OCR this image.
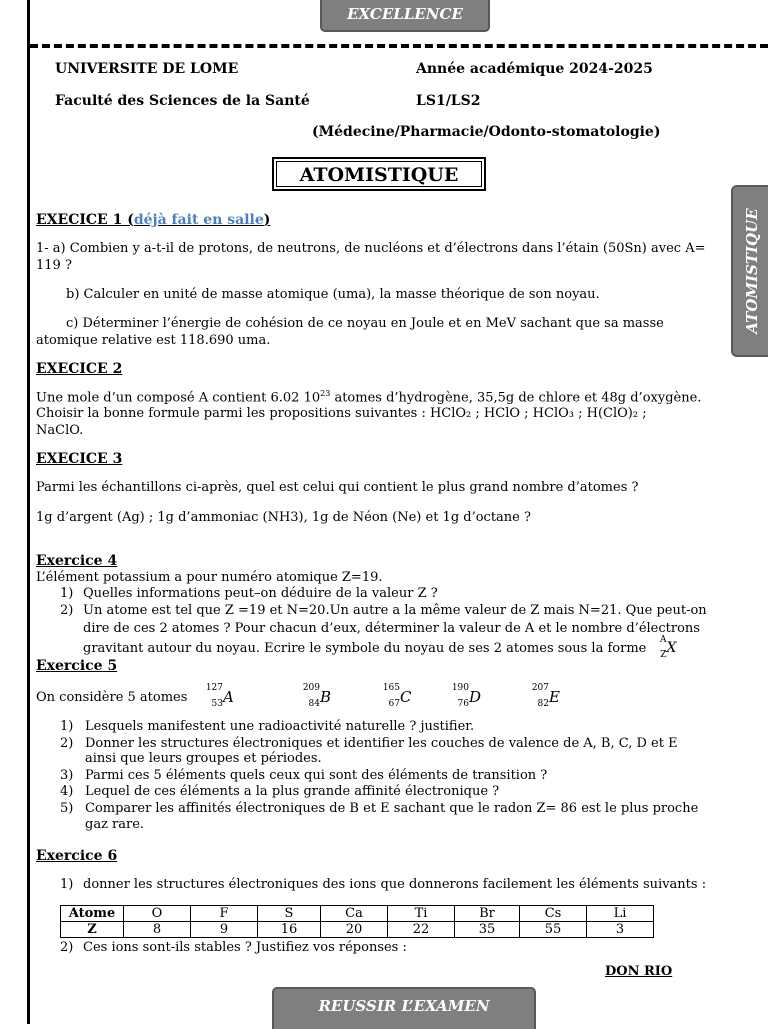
EXCELLENCE
ATOMISTIQUE
UNIVERSITE DE LOME	Année académique 2024-2025
Faculté des Sciences de la Santé	LS1/LS2
(Médecine/Pharmacie/Odonto-stomatologie)
ATOMISTIQUE
EXECICE 1 (déjà fait en salle)
1- a) Combien y a-t-il de protons, de neutrons, de nucléons et d’électrons dans l’étain (50Sn) avec A=
119 ?
b) Calculer en unité de masse atomique (uma), la masse théorique de son noyau.
c) Déterminer l’énergie de cohésion de ce noyau en Joule et en MeV sachant que sa masse
atomique relative est 118.690 uma.
EXECICE 2
Une mole d’un composé A contient 6.02 $10^{23}$ atomes d’hydrogène, 35,5g de chlore et 48g d’oxygène.
Choisir la bonne formule parmi les propositions suivantes : HClO₂ ; HClO ; HClO₃ ; H(ClO)₂ ;
NaClO.
EXECICE 3
Parmi les échantillons ci-après, quel est celui qui contient le plus grand nombre d’atomes ?
1g d’argent (Ag) ; 1g d’ammoniac (NH3), 1g de Néon (Ne) et 1g d’octane ?
Exercice 4
L’élément potassium a pour numéro atomique Z=19.
1) Quelles informations peut–on déduire de la valeur Z ?
2) Un atome est tel que Z =19 et N=20.Un autre a la même valeur de Z mais N=21. Que peut-on
dire de ces 2 atomes ? Pour chacun d’eux, déterminer la valeur de A et le nombre d’électrons
gravitant autour du noyau. Ecrire le symbole du noyau de ses 2 atomes sous la forme
A
Z X
Exercice 5
On considère 5 atomes
127
53 A	209
84 B	165
67 C	190
76 D	207
82 E
1) Lesquels manifestent une radioactivité naturelle ? justifier.
2) Donner les structures électroniques et identifier les couches de valence de A, B, C, D et E
ainsi que leurs groupes et périodes.
3) Parmi ces 5 éléments quels ceux qui sont des éléments de transition ?
4) Lequel de ces éléments a la plus grande affinité électronique ?
5) Comparer les affinités électroniques de B et E sachant que le radon Z= 86 est le plus proche
gaz rare.
Exercice 6
1) donner les structures électroniques des ions que donnerons facilement les éléments suivants :
Atome	O	F	S	Ca	Ti	Br	Cs	Li
Z	8	9	16	20	22	35	55	3
2) Ces ions sont-ils stables ? Justifiez vos réponses :
DON RIO
REUSSIR L’EXAMEN
